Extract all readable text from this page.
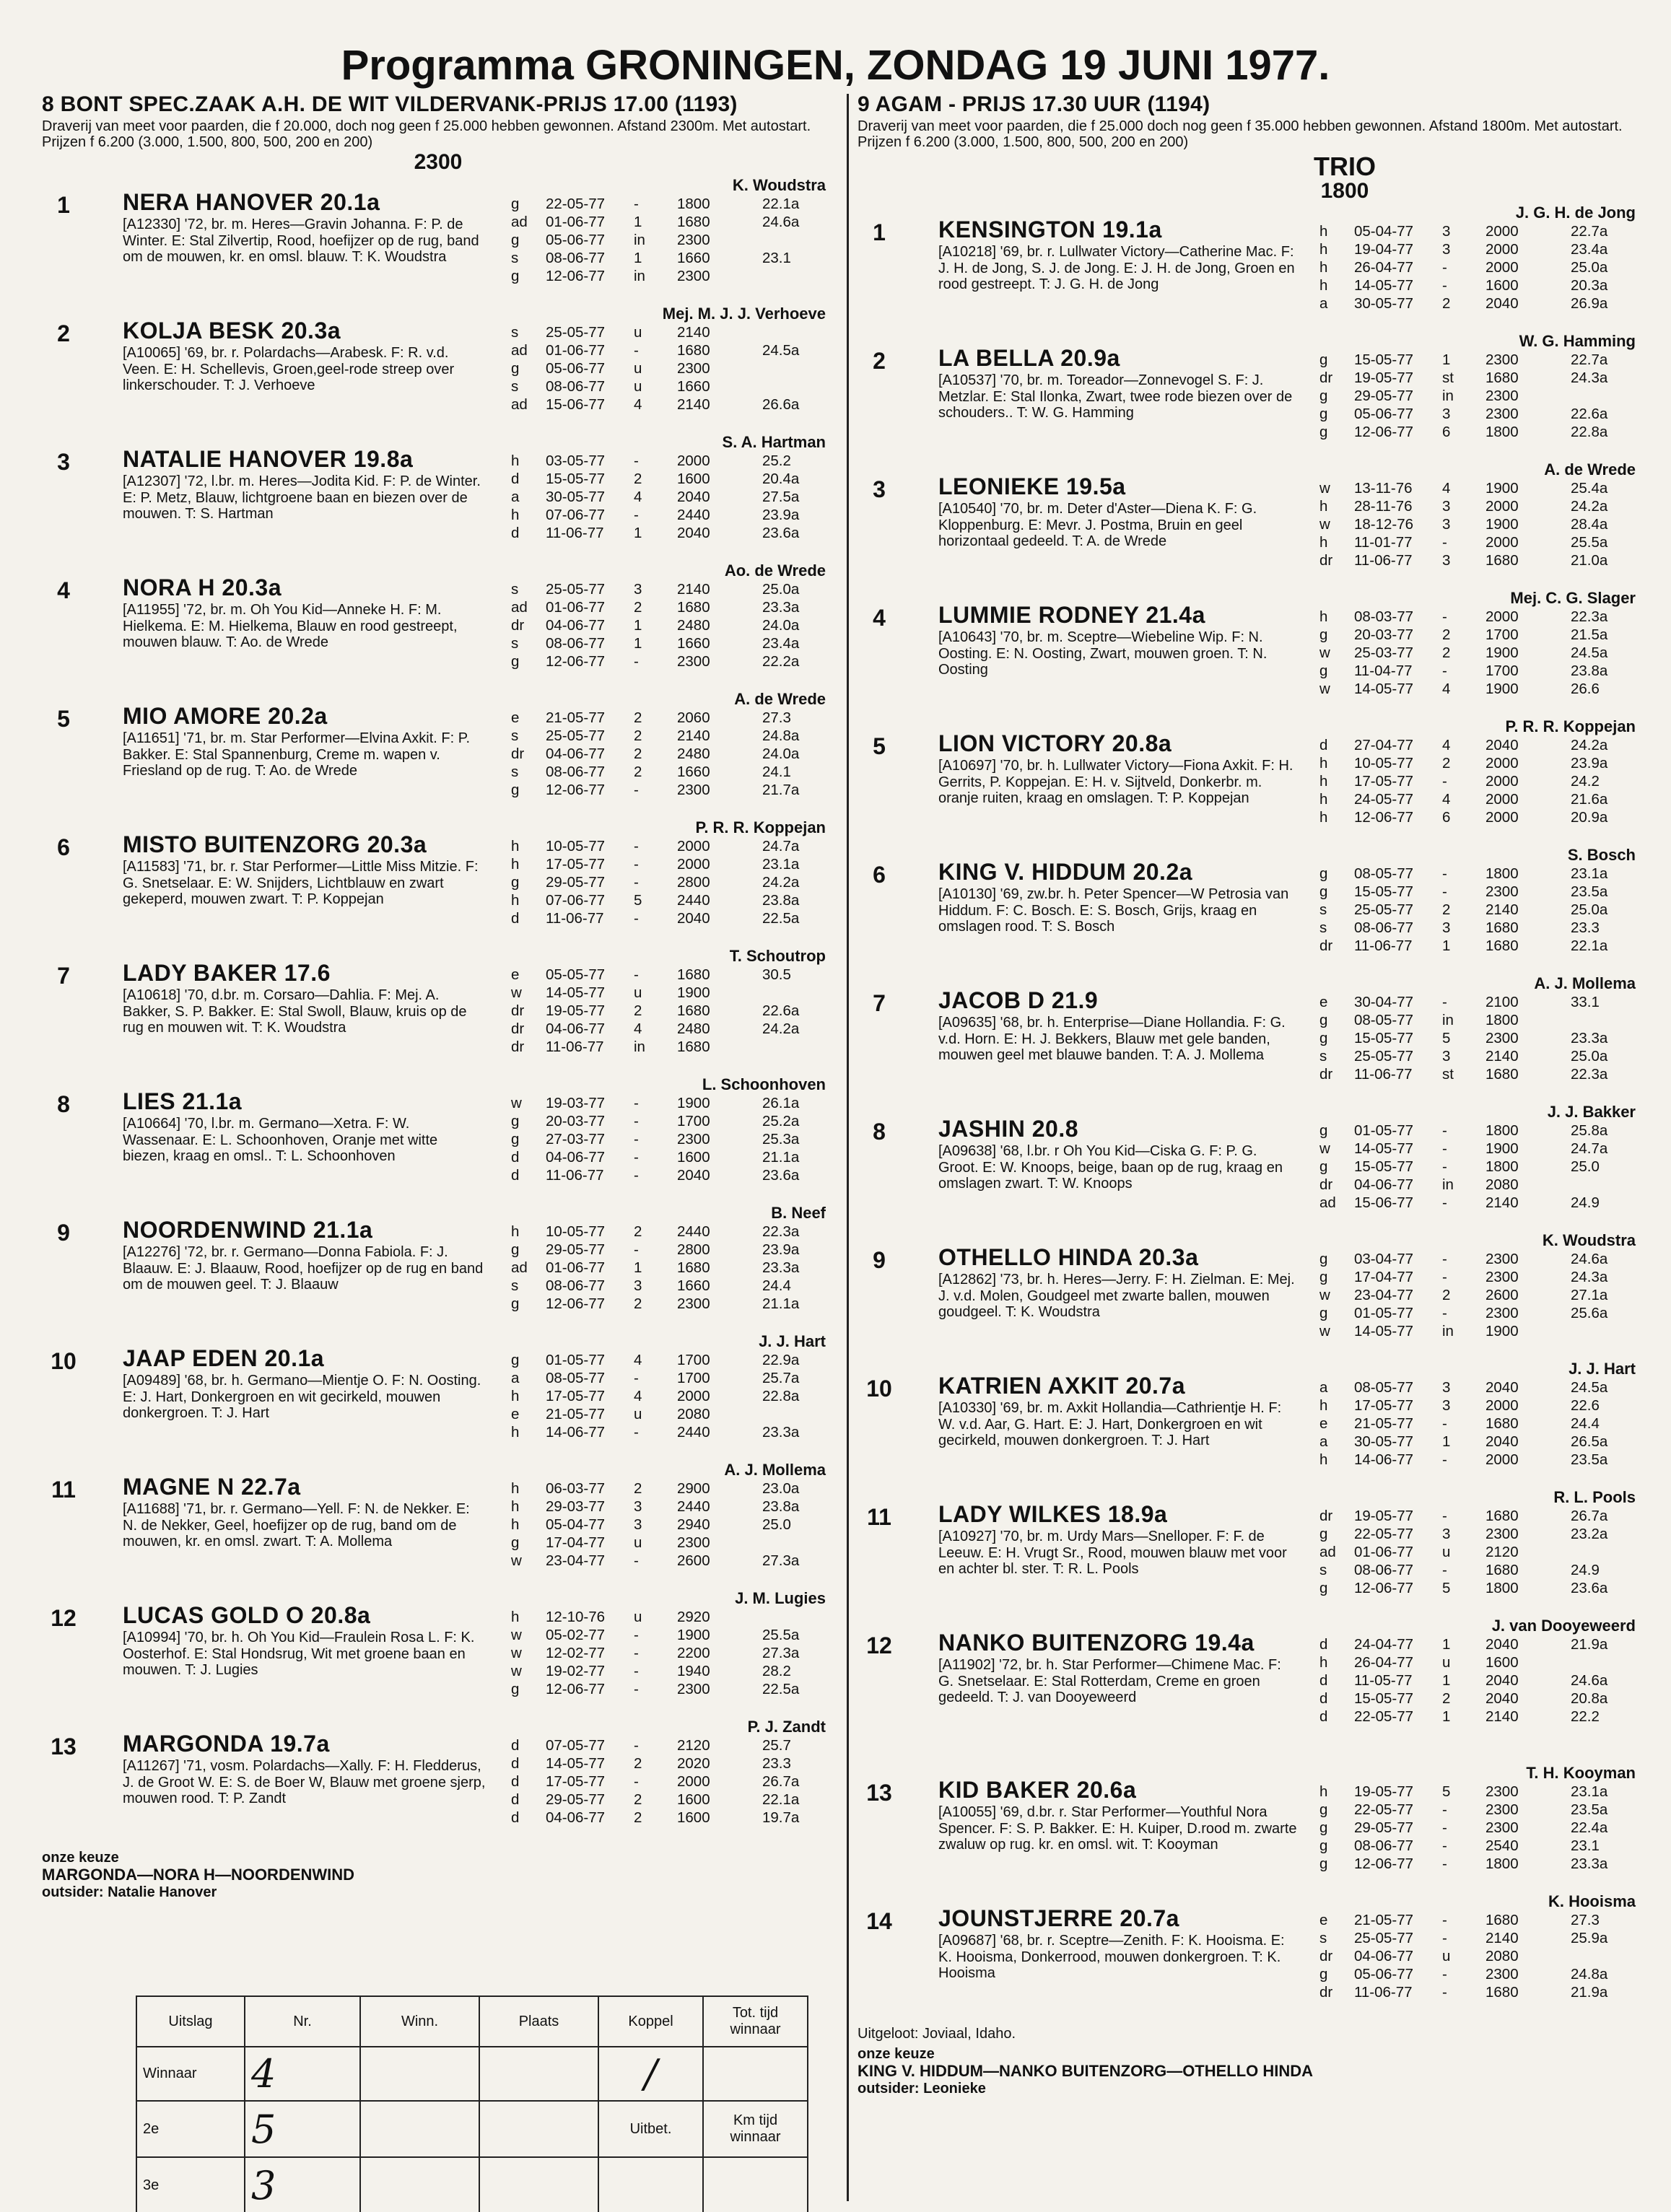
Programma GRONINGEN, ZONDAG 19 JUNI 1977.
8 BONT SPEC.ZAAK A.H. DE WIT VILDERVANK-PRIJS 17.00 (1193)
Draverij van meet voor paarden, die f 20.000, doch nog geen f 25.000 hebben gewonnen. Afstand 2300m. Met autostart. Prijzen f 6.200 (3.000, 1.500, 800, 500, 200 en 200)
2300
1	NERA HANOVER 20.1a
[A12330] '72, br. m. Heres—Gravin Johanna. F: P. de Winter. E: Stal Zilvertip, Rood, hoefijzer op de rug, band om de mouwen, kr. en omsl. blauw. T: K. Woudstra
K. Woudstra
g	22-05-77	-	1800	22.1a
ad	01-06-77	1	1680	24.6a
g	05-06-77	in	2300
s	08-06-77	1	1660	23.1
g	12-06-77	in	2300
2	KOLJA BESK 20.3a
[A10065] '69, br. r. Polardachs—Arabesk. F: R. v.d. Veen. E: H. Schellevis, Groen,geel-rode streep over linkerschouder. T: J. Verhoeve
Mej. M. J. J. Verhoeve
s	25-05-77	u	2140
ad	01-06-77	-	1680	24.5a
g	05-06-77	u	2300
s	08-06-77	u	1660
ad	15-06-77	4	2140	26.6a
3	NATALIE HANOVER 19.8a
[A12307] '72, l.br. m. Heres—Jodita Kid. F: P. de Winter. E: P. Metz, Blauw, lichtgroene baan en biezen over de mouwen. T: S. Hartman
S. A. Hartman
h	03-05-77	-	2000	25.2
d	15-05-77	2	1600	20.4a
a	30-05-77	4	2040	27.5a
h	07-06-77	-	2440	23.9a
d	11-06-77	1	2040	23.6a
4	NORA H 20.3a
[A11955] '72, br. m. Oh You Kid—Anneke H. F: M. Hielkema. E: M. Hielkema, Blauw en rood gestreept, mouwen blauw. T: Ao. de Wrede
Ao. de Wrede
s	25-05-77	3	2140	25.0a
ad	01-06-77	2	1680	23.3a
dr	04-06-77	1	2480	24.0a
s	08-06-77	1	1660	23.4a
g	12-06-77	-	2300	22.2a
5	MIO AMORE 20.2a
[A11651] '71, br. m. Star Performer—Elvina Axkit. F: P. Bakker. E: Stal Spannenburg, Creme m. wapen v. Friesland op de rug. T: Ao. de Wrede
A. de Wrede
e	21-05-77	2	2060	27.3
s	25-05-77	2	2140	24.8a
dr	04-06-77	2	2480	24.0a
s	08-06-77	2	1660	24.1
g	12-06-77	-	2300	21.7a
6	MISTO BUITENZORG 20.3a
[A11583] '71, br. r. Star Performer—Little Miss Mitzie. F: G. Snetselaar. E: W. Snijders, Lichtblauw en zwart gekeperd, mouwen zwart. T: P. Koppejan
P. R. R. Koppejan
h	10-05-77	-	2000	24.7a
h	17-05-77	-	2000	23.1a
g	29-05-77	-	2800	24.2a
h	07-06-77	5	2440	23.8a
d	11-06-77	-	2040	22.5a
7	LADY BAKER 17.6
[A10618] '70, d.br. m. Corsaro—Dahlia. F: Mej. A. Bakker, S. P. Bakker. E: Stal Swoll, Blauw, kruis op de rug en mouwen wit. T: K. Woudstra
T. Schoutrop
e	05-05-77	-	1680	30.5
w	14-05-77	u	1900
dr	19-05-77	2	1680	22.6a
dr	04-06-77	4	2480	24.2a
dr	11-06-77	in	1680
8	LIES 21.1a
[A10664] '70, l.br. m. Germano—Xetra. F: W. Wassenaar. E: L. Schoonhoven, Oranje met witte biezen, kraag en omsl.. T: L. Schoonhoven
L. Schoonhoven
w	19-03-77	-	1900	26.1a
g	20-03-77	-	1700	25.2a
g	27-03-77	-	2300	25.3a
d	04-06-77	-	1600	21.1a
d	11-06-77	-	2040	23.6a
9	NOORDENWIND 21.1a
[A12276] '72, br. r. Germano—Donna Fabiola. F: J. Blaauw. E: J. Blaauw, Rood, hoefijzer op de rug en band om de mouwen geel. T: J. Blaauw
B. Neef
h	10-05-77	2	2440	22.3a
g	29-05-77	-	2800	23.9a
ad	01-06-77	1	1680	23.3a
s	08-06-77	3	1660	24.4
g	12-06-77	2	2300	21.1a
10	JAAP EDEN 20.1a
[A09489] '68, br. h. Germano—Mientje O. F: N. Oosting. E: J. Hart, Donkergroen en wit gecirkeld, mouwen donkergroen. T: J. Hart
J. J. Hart
g	01-05-77	4	1700	22.9a
a	08-05-77	-	1700	25.7a
h	17-05-77	4	2000	22.8a
e	21-05-77	u	2080
h	14-06-77	-	2440	23.3a
11	MAGNE N 22.7a
[A11688] '71, br. r. Germano—Yell. F: N. de Nekker. E: N. de Nekker, Geel, hoefijzer op de rug, band om de mouwen, kr. en omsl. zwart. T: A. Mollema
A. J. Mollema
h	06-03-77	2	2900	23.0a
h	29-03-77	3	2440	23.8a
h	05-04-77	3	2940	25.0
g	17-04-77	u	2300
w	23-04-77	-	2600	27.3a
12	LUCAS GOLD O 20.8a
[A10994] '70, br. h. Oh You Kid—Fraulein Rosa L. F: K. Oosterhof. E: Stal Hondsrug, Wit met groene baan en mouwen. T: J. Lugies
J. M. Lugies
h	12-10-76	u	2920
w	05-02-77	-	1900	25.5a
w	12-02-77	-	2200	27.3a
w	19-02-77	-	1940	28.2
g	12-06-77	-	2300	22.5a
13	MARGONDA 19.7a
[A11267] '71, vosm. Polardachs—Xally. F: H. Fledderus, J. de Groot W. E: S. de Boer W, Blauw met groene sjerp, mouwen rood. T: P. Zandt
P. J. Zandt
d	07-05-77	-	2120	25.7
d	14-05-77	2	2020	23.3
d	17-05-77	-	2000	26.7a
d	29-05-77	2	1600	22.1a
d	04-06-77	2	1600	19.7a
onze keuze
MARGONDA—NORA H—NOORDENWIND
outsider: Natalie Hanover
Uitslag	Nr.	Winn.	Plaats	Koppel	Tot. tijd winnaar
Winnaar	4			/	
2e	5			Uitbet.	Km tijd winnaar
3e	3				
9 AGAM - PRIJS 17.30 UUR (1194)
Draverij van meet voor paarden, die f 25.000 doch nog geen f 35.000 hebben gewonnen. Afstand 1800m. Met autostart. Prijzen f 6.200 (3.000, 1.500, 800, 500, 200 en 200)
TRIO
1800
1	KENSINGTON 19.1a
[A10218] '69, br. r. Lullwater Victory—Catherine Mac. F: J. H. de Jong, S. J. de Jong. E: J. H. de Jong, Groen en rood gestreept. T: J. G. H. de Jong
J. G. H. de Jong
h	05-04-77	3	2000	22.7a
h	19-04-77	3	2000	23.4a
h	26-04-77	-	2000	25.0a
h	14-05-77	-	1600	20.3a
a	30-05-77	2	2040	26.9a
2	LA BELLA 20.9a
[A10537] '70, br. m. Toreador—Zonnevogel S. F: J. Metzlar. E: Stal Ilonka, Zwart, twee rode biezen over de schouders.. T: W. G. Hamming
W. G. Hamming
g	15-05-77	1	2300	22.7a
dr	19-05-77	st	1680	24.3a
g	29-05-77	in	2300
g	05-06-77	3	2300	22.6a
g	12-06-77	6	1800	22.8a
3	LEONIEKE 19.5a
[A10540] '70, br. m. Deter d'Aster—Diena K. F: G. Kloppenburg. E: Mevr. J. Postma, Bruin en geel horizontaal gedeeld. T: A. de Wrede
A. de Wrede
w	13-11-76	4	1900	25.4a
h	28-11-76	3	2000	24.2a
w	18-12-76	3	1900	28.4a
h	11-01-77	-	2000	25.5a
dr	11-06-77	3	1680	21.0a
4	LUMMIE RODNEY 21.4a
[A10643] '70, br. m. Sceptre—Wiebeline Wip. F: N. Oosting. E: N. Oosting, Zwart, mouwen groen. T: N. Oosting
Mej. C. G. Slager
h	08-03-77	-	2000	22.3a
g	20-03-77	2	1700	21.5a
w	25-03-77	2	1900	24.5a
g	11-04-77	-	1700	23.8a
w	14-05-77	4	1900	26.6
5	LION VICTORY 20.8a
[A10697] '70, br. h. Lullwater Victory—Fiona Axkit. F: H. Gerrits, P. Koppejan. E: H. v. Sijtveld, Donkerbr. m. oranje ruiten, kraag en omslagen. T: P. Koppejan
P. R. R. Koppejan
d	27-04-77	4	2040	24.2a
h	10-05-77	2	2000	23.9a
h	17-05-77	-	2000	24.2
h	24-05-77	4	2000	21.6a
h	12-06-77	6	2000	20.9a
6	KING V. HIDDUM 20.2a
[A10130] '69, zw.br. h. Peter Spencer—W Petrosia van Hiddum. F: C. Bosch. E: S. Bosch, Grijs, kraag en omslagen rood. T: S. Bosch
S. Bosch
g	08-05-77	-	1800	23.1a
g	15-05-77	-	2300	23.5a
s	25-05-77	2	2140	25.0a
s	08-06-77	3	1680	23.3
dr	11-06-77	1	1680	22.1a
7	JACOB D 21.9
[A09635] '68, br. h. Enterprise—Diane Hollandia. F: G. v.d. Horn. E: H. J. Bekkers, Blauw met gele banden, mouwen geel met blauwe banden. T: A. J. Mollema
A. J. Mollema
e	30-04-77	-	2100	33.1
g	08-05-77	in	1800
g	15-05-77	5	2300	23.3a
s	25-05-77	3	2140	25.0a
dr	11-06-77	st	1680	22.3a
8	JASHIN 20.8
[A09638] '68, l.br. r Oh You Kid—Ciska G. F: P. G. Groot. E: W. Knoops, beige, baan op de rug, kraag en omslagen zwart. T: W. Knoops
J. J. Bakker
g	01-05-77	-	1800	25.8a
w	14-05-77	-	1900	24.7a
g	15-05-77	-	1800	25.0
dr	04-06-77	in	2080
ad	15-06-77	-	2140	24.9
9	OTHELLO HINDA 20.3a
[A12862] '73, br. h. Heres—Jerry. F: H. Zielman. E: Mej. J. v.d. Molen, Goudgeel met zwarte ballen, mouwen goudgeel. T: K. Woudstra
K. Woudstra
g	03-04-77	-	2300	24.6a
g	17-04-77	-	2300	24.3a
w	23-04-77	2	2600	27.1a
g	01-05-77	-	2300	25.6a
w	14-05-77	in	1900
10	KATRIEN AXKIT 20.7a
[A10330] '69, br. m. Axkit Hollandia—Cathrientje H. F: W. v.d. Aar, G. Hart. E: J. Hart, Donkergroen en wit gecirkeld, mouwen donkergroen. T: J. Hart
J. J. Hart
a	08-05-77	3	2040	24.5a
h	17-05-77	3	2000	22.6
e	21-05-77	-	1680	24.4
a	30-05-77	1	2040	26.5a
h	14-06-77	-	2000	23.5a
11	LADY WILKES 18.9a
[A10927] '70, br. m. Urdy Mars—Snelloper. F: F. de Leeuw. E: H. Vrugt Sr., Rood, mouwen blauw met voor en achter bl. ster. T: R. L. Pools
R. L. Pools
dr	19-05-77	-	1680	26.7a
g	22-05-77	3	2300	23.2a
ad	01-06-77	u	2120
s	08-06-77	-	1680	24.9
g	12-06-77	5	1800	23.6a
12	NANKO BUITENZORG 19.4a
[A11902] '72, br. h. Star Performer—Chimene Mac. F: G. Snetselaar. E: Stal Rotterdam, Creme en groen gedeeld. T: J. van Dooyeweerd
J. van Dooyeweerd
d	24-04-77	1	2040	21.9a
h	26-04-77	u	1600
d	11-05-77	1	2040	24.6a
d	15-05-77	2	2040	20.8a
d	22-05-77	1	2140	22.2
13	KID BAKER 20.6a
[A10055] '69, d.br. r. Star Performer—Youthful Nora Spencer. F: S. P. Bakker. E: H. Kuiper, D.rood m. zwarte zwaluw op rug. kr. en omsl. wit. T: Kooyman
T. H. Kooyman
h	19-05-77	5	2300	23.1a
g	22-05-77	-	2300	23.5a
g	29-05-77	-	2300	22.4a
g	08-06-77	-	2540	23.1
g	12-06-77	-	1800	23.3a
14	JOUNSTJERRE 20.7a
[A09687] '68, br. r. Sceptre—Zenith. F: K. Hooisma. E: K. Hooisma, Donkerrood, mouwen donkergroen. T: K. Hooisma
K. Hooisma
e	21-05-77	-	1680	27.3
s	25-05-77	-	2140	25.9a
dr	04-06-77	u	2080
g	05-06-77	-	2300	24.8a
dr	11-06-77	-	1680	21.9a
Uitgeloot: Joviaal, Idaho.
onze keuze
KING V. HIDDUM—NANKO BUITENZORG—OTHELLO HINDA
outsider: Leonieke
